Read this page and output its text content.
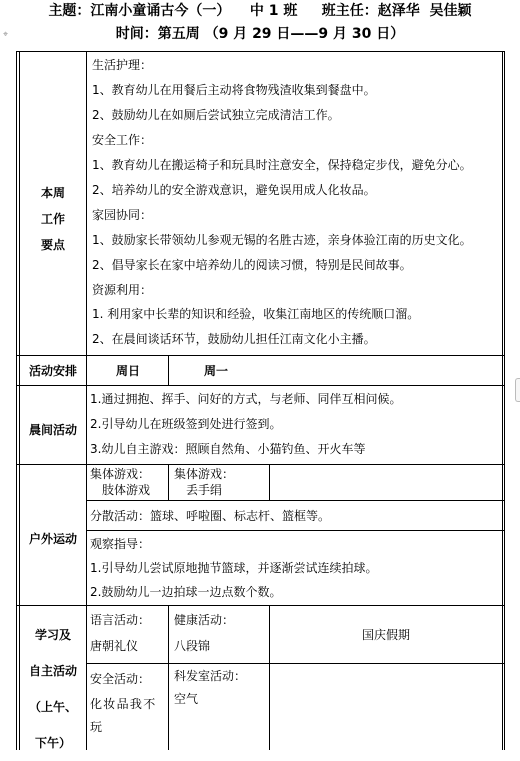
主题：江南小童诵古今（一）    中 1 班     班主任：赵泽华  吴佳颖
时间：第五周 （9 月 29 日——9 月 30 日）
⌖
本周
工作
要点
生活护理：
1、教育幼儿在用餐后主动将食物残渣收集到餐盘中。
2、鼓励幼儿在如厕后尝试独立完成清洁工作。
安全工作：
1、教育幼儿在搬运椅子和玩具时注意安全，保持稳定步伐，避免分心。
2、培养幼儿的安全游戏意识，避免误用成人化妆品。
家园协同：
1、鼓励家长带领幼儿参观无锡的名胜古迹，亲身体验江南的历史文化。
2、倡导家长在家中培养幼儿的阅读习惯，特别是民间故事。
资源利用：
1. 利用家中长辈的知识和经验，收集江南地区的传统顺口溜。
2、在晨间谈话环节，鼓励幼儿担任江南文化小主播。
活动安排	周日	周一
晨间活动
1.通过拥抱、挥手、问好的方式，与老师、同伴互相问候。
2.引导幼儿在班级签到处进行签到。
3.幼儿自主游戏：照顾自然角、小猫钓鱼、开火车等
户外运动
集体游戏：
肢体游戏
集体游戏：
丢手绢
分散活动：篮球、呼啦圈、标志杆、篮框等。
观察指导：
1.引导幼儿尝试原地抛节篮球，并逐渐尝试连续拍球。
2.鼓励幼儿一边拍球一边点数个数。
学习及
自主活动
（上午、
下午）
语言活动：
唐朝礼仪
健康活动：
八段锦
国庆假期
安全活动：
化妆品我不
玩
科发室活动：
空气
